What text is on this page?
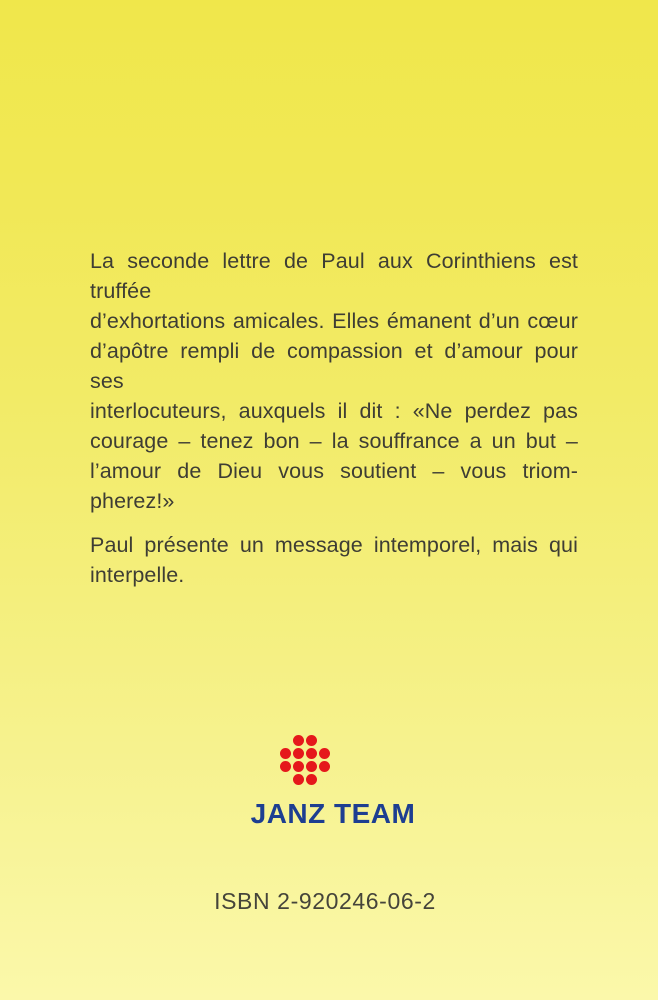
La seconde lettre de Paul aux Corinthiens est truffée
d’exhortations amicales. Elles émanent d’un cœur
d’apôtre rempli de compassion et d’amour pour ses
interlocuteurs, auxquels il dit : «Ne perdez pas
courage – tenez bon – la souffrance a un but –
l’amour de Dieu vous soutient – vous triom-
pherez!»
Paul présente un message intemporel, mais qui
interpelle.
JANZ TEAM
ISBN 2-920246-06-2
